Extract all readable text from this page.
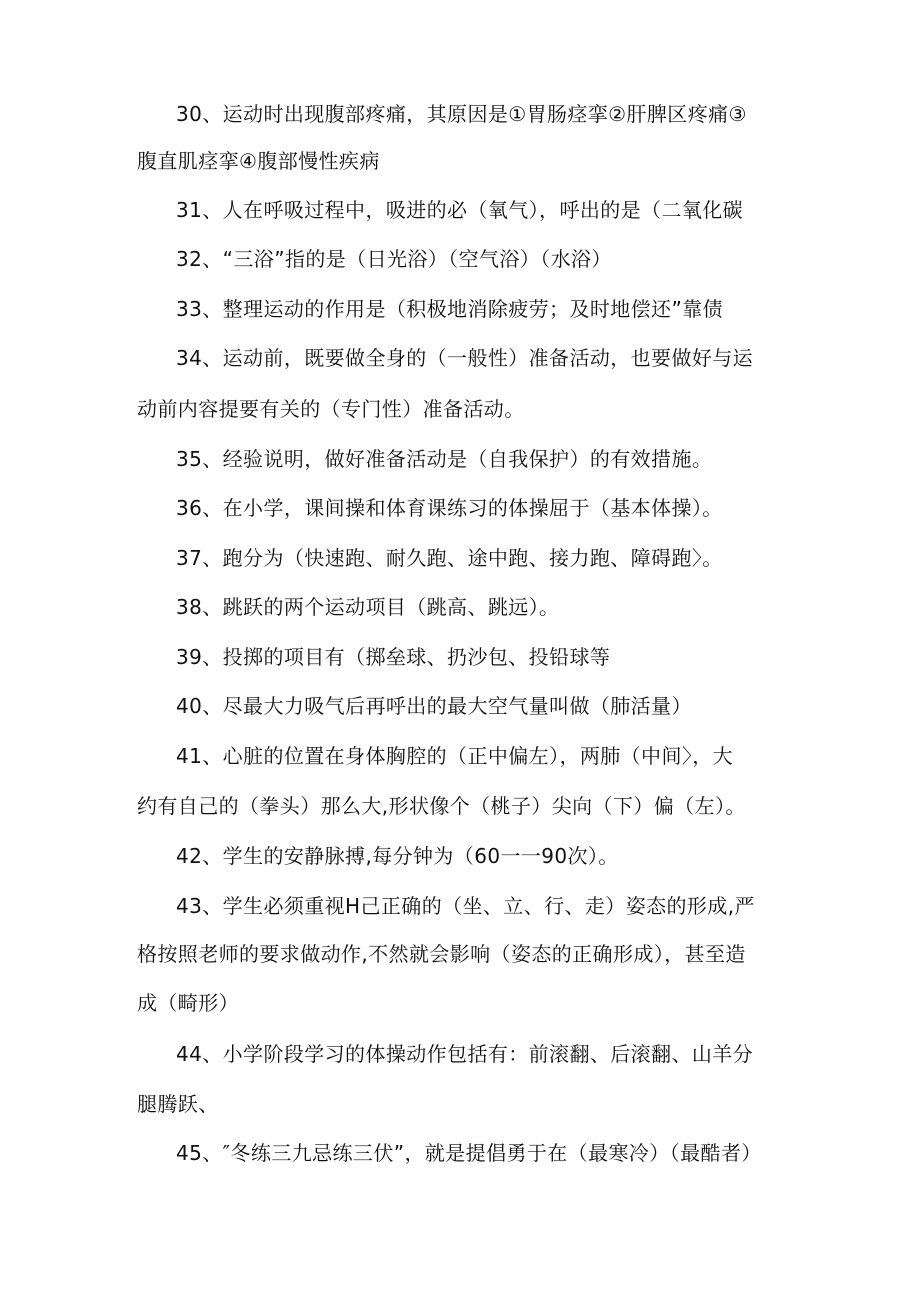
30、运动时出现腹部疼痛，其原因是①胃肠痉挛②肝脾区疼痛③
腹直肌痉挛④腹部慢性疾病
31、人在呼吸过程中，吸进的必（氧气），呼出的是（二氧化碳
32、“三浴”指的是（日光浴）（空气浴）（水浴）
33、整理运动的作用是（积极地消除疲劳；及时地偿还”靠债
34、运动前，既要做全身的（一般性）准备活动，也要做好与运
动前内容提要有关的（专门性）准备活动。
35、经验说明，做好准备活动是（自我保护）的有效措施。
36、在小学，课间操和体育课练习的体操屈于（基本体操）。
37、跑分为（快速跑、耐久跑、途中跑、接力跑、障碍跑〉。
38、跳跃的两个运动项目（跳高、跳远）。
39、投掷的项目有（掷垒球、扔沙包、投铅球等
40、尽最大力吸气后再呼出的最大空气量叫做（肺活量）
41、心脏的位置在身体胸腔的（正中偏左），两肺（中间〉，大
约有自己的（拳头）那么大,形状像个（桃子）尖向（下）偏（左）。
42、学生的安静脉搏,每分钟为（60一一90次）。
43、学生必须重视H己正确的（坐、立、行、走）姿态的形成,严
格按照老师的要求做动作,不然就会影响（姿态的正确形成），甚至造
成（畸形）
44、小学阶段学习的体操动作包括有：前滚翻、后滚翻、山羊分
腿腾跃、
45、″冬练三九忌练三伏”，就是提倡勇于在（最寒冷）（最酷者）
